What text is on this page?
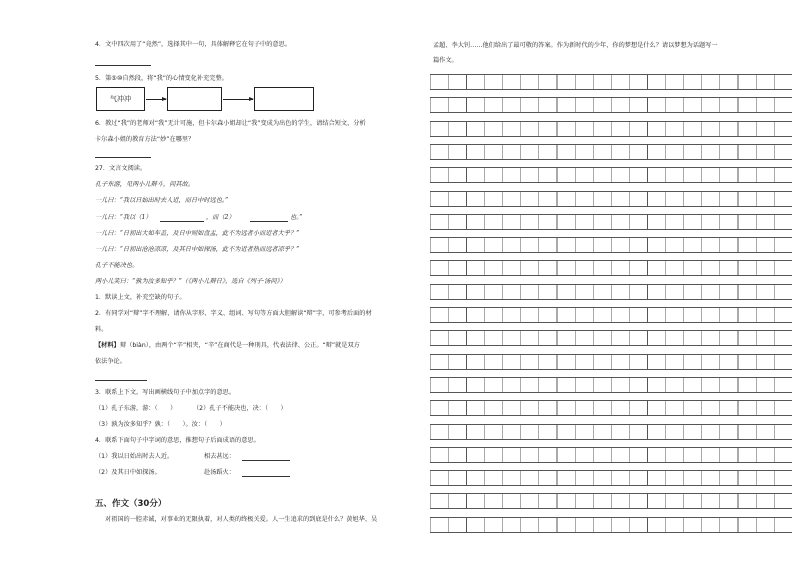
4．文中四次用了“竟然”，选择其中一句，具体解释它在句子中的意思。
5．第⑤⑩自然段，将“我”的心情变化补充完整。
气冲冲
6．教过“我”的老师对“我”无计可施，但卡尔森小姐却让“我”变成为出色的学生，请结合短文，分析
卡尔森小姐的教育方法“妙”在哪里？
27．文言文阅读。
孔子东游，见两小儿辩斗，问其故。
一儿曰：“我以日始出时去人近，而日中时远也。”
一儿曰：“我以（1）	，而（2）	也。”
一儿曰：“日初出大如车盖，及日中则如盘盂，此不为远者小而近者大乎？”
一儿曰：“日初出沧沧凉凉，及其日中如探汤，此不为近者热而远者凉乎？”
孔子不能决也。
两小儿笑曰：“孰为汝多知乎？”（《两小儿辩日》，选自《列子·汤问》）
1．默读上文，补充空缺的句子。
2．有同学对“辩”字不理解，请你从字形、字义、组词、写句等方面大胆解读“辩”字，可参考后面的材
料。
【材料】 辩（biàn），由两个“辛”相夹，“辛”在商代是一种刑具，代表法律、公正。“辩”就是双方
依法争论。
3．联系上下文，写出画横线句子中加点字的意思。
（1）孔子东游，游：（　　）	（2）孔子不能决也，决：（　　）
（3）孰为汝多知乎？孰：（　　）。汝：（　　）
4．联系下面句子中字词的意思，推想句子后面成语的意思。
（1）我以日始出时去人近。	相去甚远：
（2）及其日中如探汤。	赴汤蹈火：
五、作文（30分）
对祖国的一腔赤诚，对事业的无限执着，对人类的终极关爱。人一生追求的到底是什么？黄旭华、吴
孟超、李大钊……他们给出了最可敬的答案。作为新时代的少年，你的梦想是什么？请以梦想为话题写一
篇作文。
